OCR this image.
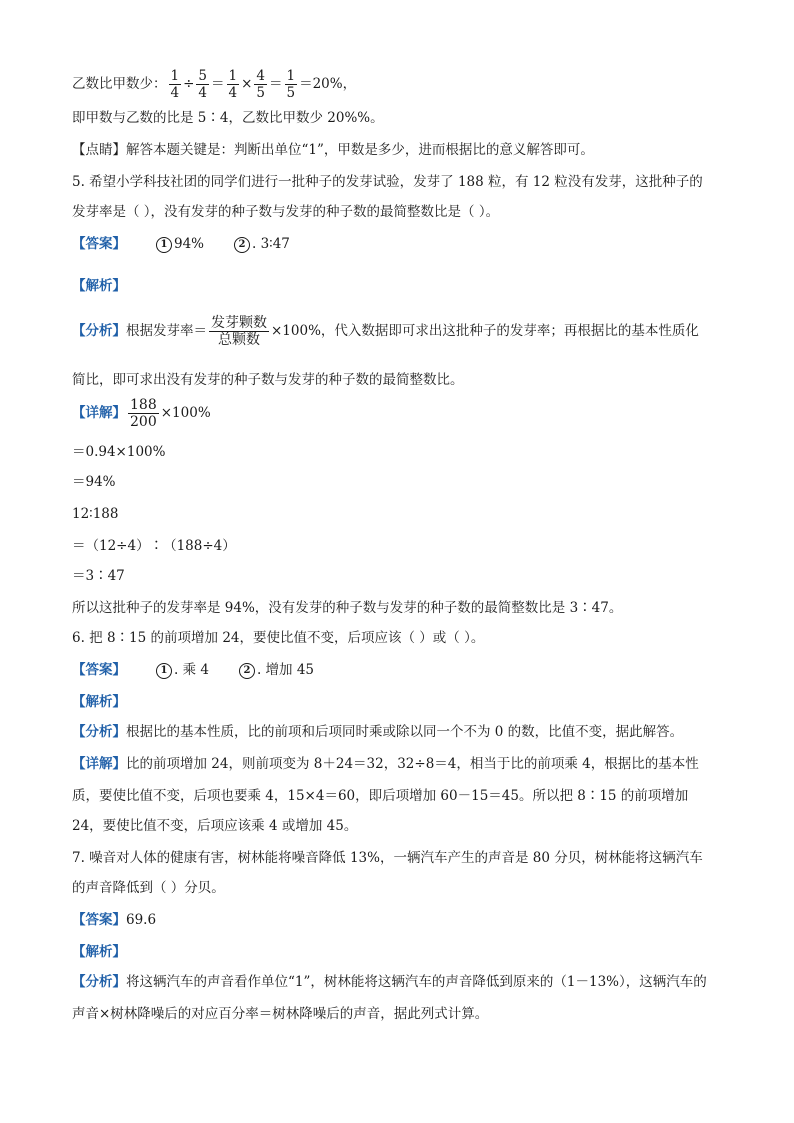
乙数比甲数少： $\frac{1}{4} \div \frac{5}{4} = \frac{1}{4} \times \frac{4}{5} = \frac{1}{5} =20\%$，
即甲数与乙数的比是 5∶4，乙数比甲数少 20%%。
【点睛】解答本题关键是：判断出单位“1”，甲数是多少，进而根据比的意义解答即可。
5. 希望小学科技社团的同学们进行一批种子的发芽试验，发芽了 188 粒，有 12 粒没有发芽，这批种子的
发芽率是（ ），没有发芽的种子数与发芽的种子数的最简整数比是（ ）。
【答案】	1 94%	2 . 3∶47
【解析】
【分析】根据发芽率＝ $\frac{\text{发芽颗数}}{\text{总颗数}} \times 100\%$，代入数据即可求出这批种子的发芽率；再根据比的基本性质化
简比，即可求出没有发芽的种子数与发芽的种子数的最简整数比。
【详解】 $\frac{188}{200} \times 100\%$
＝0.94×100%
＝94%
12∶188
＝（12÷4）∶（188÷4）
＝3∶47
所以这批种子的发芽率是 94%，没有发芽的种子数与发芽的种子数的最简整数比是 3∶47。
6. 把 8∶15 的前项增加 24，要使比值不变，后项应该（ ）或（ ）。
【答案】	1 . 乘 4	2 . 增加 45
【解析】
【分析】根据比的基本性质，比的前项和后项同时乘或除以同一个不为 0 的数，比值不变，据此解答。
【详解】比的前项增加 24，则前项变为 8＋24＝32，32÷8＝4，相当于比的前项乘 4，根据比的基本性
质，要使比值不变，后项也要乘 4，15×4＝60，即后项增加 60－15＝45。所以把 8∶15 的前项增加
24，要使比值不变，后项应该乘 4 或增加 45。
7. 噪音对人体的健康有害，树林能将噪音降低 13%，一辆汽车产生的声音是 80 分贝，树林能将这辆汽车
的声音降低到（ ）分贝。
【答案】69.6
【解析】
【分析】将这辆汽车的声音看作单位“1”，树林能将这辆汽车的声音降低到原来的（1－13%），这辆汽车的
声音×树林降噪后的对应百分率＝树林降噪后的声音，据此列式计算。
